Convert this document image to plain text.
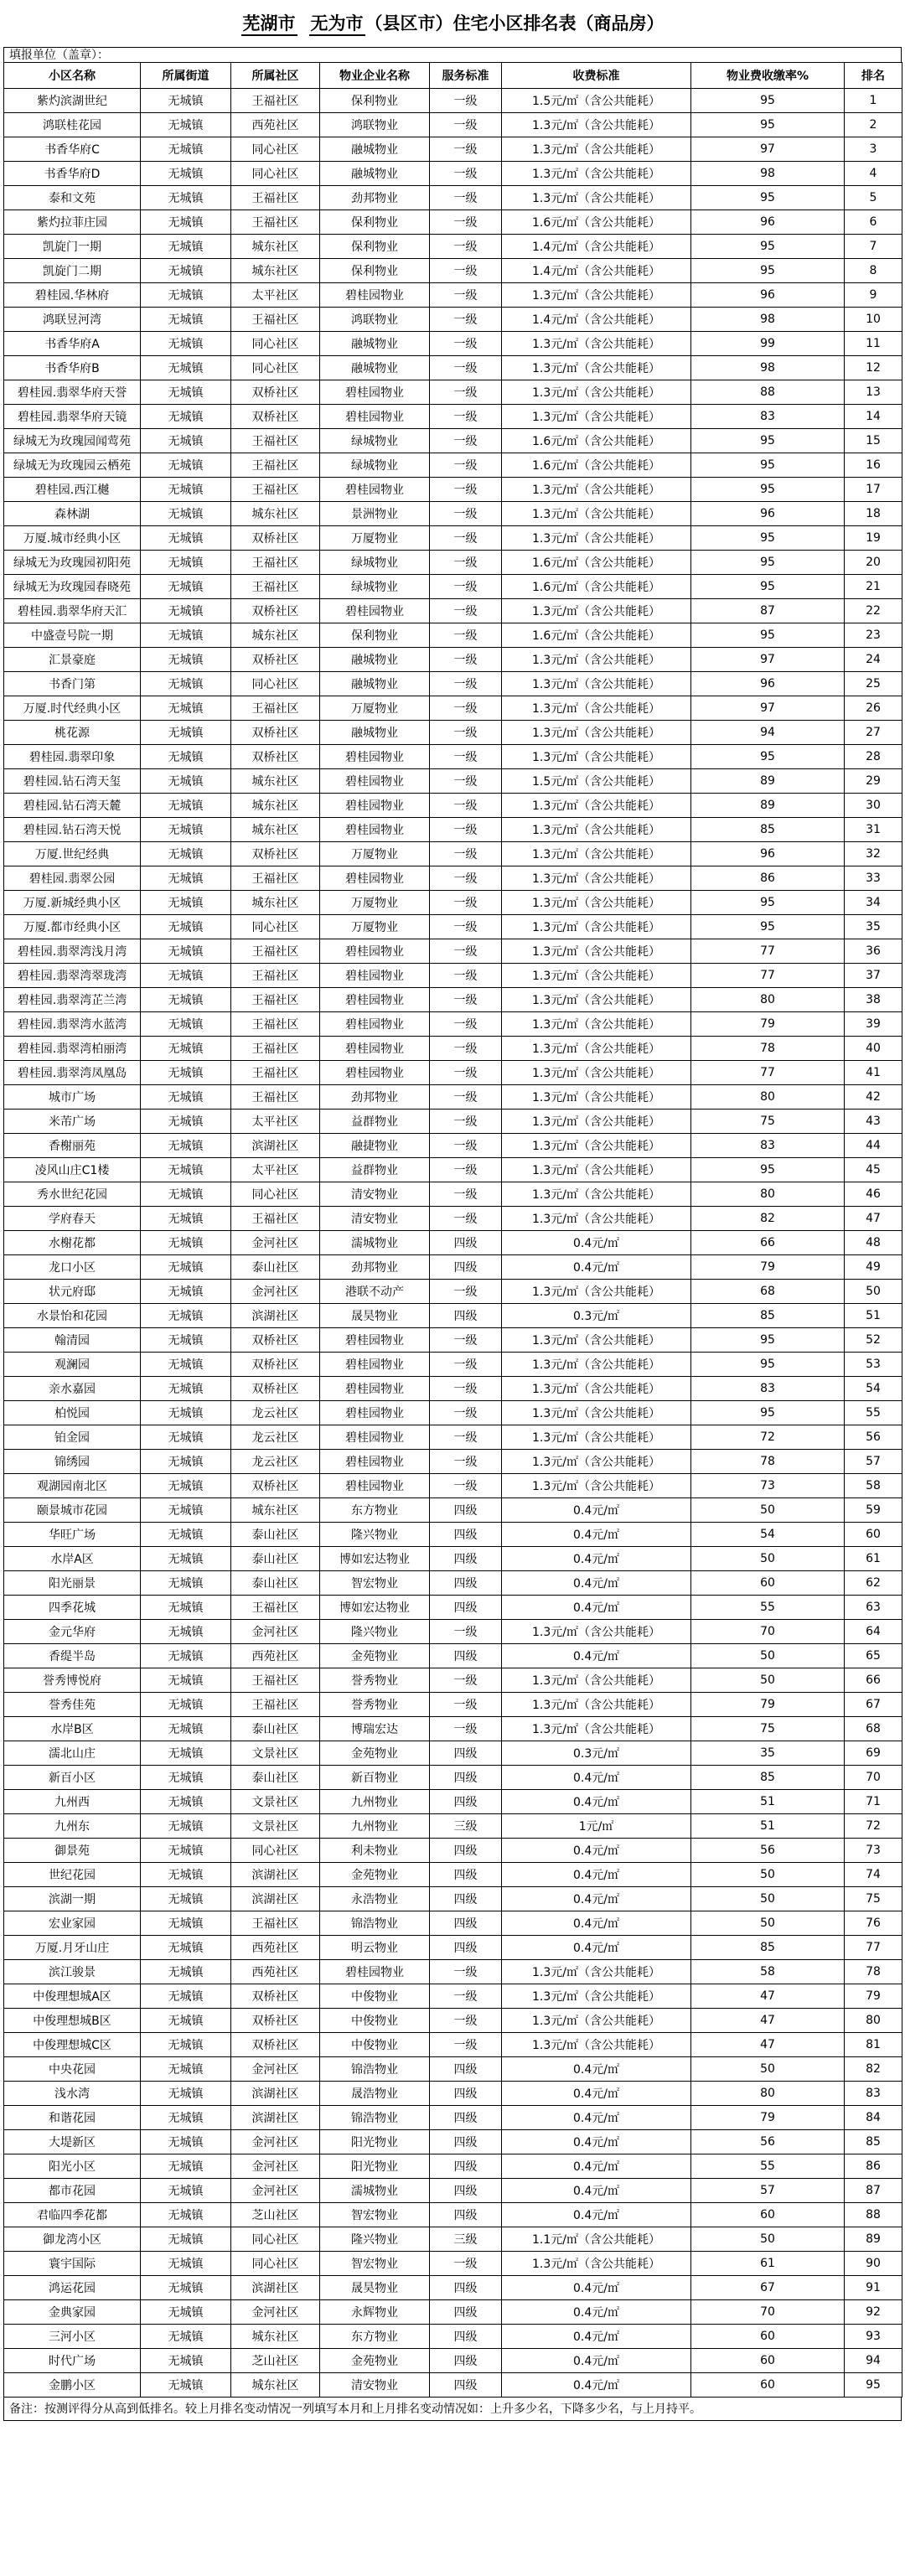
芜湖市 无为市（县区市）住宅小区排名表（商品房）
填报单位（盖章）：
小区名称	所属街道	所属社区	物业企业名称	服务标准	收费标准	物业费收缴率%	排名
紫灼滨湖世纪	无城镇	王福社区	保利物业	一级	1.5元/㎡（含公共能耗）	95	1
鸿联桂花园	无城镇	西苑社区	鸿联物业	一级	1.3元/㎡（含公共能耗）	95	2
书香华府C	无城镇	同心社区	融城物业	一级	1.3元/㎡（含公共能耗）	97	3
书香华府D	无城镇	同心社区	融城物业	一级	1.3元/㎡（含公共能耗）	98	4
泰和文苑	无城镇	王福社区	劲邦物业	一级	1.3元/㎡（含公共能耗）	95	5
紫灼拉菲庄园	无城镇	王福社区	保利物业	一级	1.6元/㎡（含公共能耗）	96	6
凯旋门一期	无城镇	城东社区	保利物业	一级	1.4元/㎡（含公共能耗）	95	7
凯旋门二期	无城镇	城东社区	保利物业	一级	1.4元/㎡（含公共能耗）	95	8
碧桂园.华林府	无城镇	太平社区	碧桂园物业	一级	1.3元/㎡（含公共能耗）	96	9
鸿联昱河湾	无城镇	王福社区	鸿联物业	一级	1.4元/㎡（含公共能耗）	98	10
书香华府A	无城镇	同心社区	融城物业	一级	1.3元/㎡（含公共能耗）	99	11
书香华府B	无城镇	同心社区	融城物业	一级	1.3元/㎡（含公共能耗）	98	12
碧桂园.翡翠华府天誉	无城镇	双桥社区	碧桂园物业	一级	1.3元/㎡（含公共能耗）	88	13
碧桂园.翡翠华府天镜	无城镇	双桥社区	碧桂园物业	一级	1.3元/㎡（含公共能耗）	83	14
绿城无为玫瑰园闻莺苑	无城镇	王福社区	绿城物业	一级	1.6元/㎡（含公共能耗）	95	15
绿城无为玫瑰园云栖苑	无城镇	王福社区	绿城物业	一级	1.6元/㎡（含公共能耗）	95	16
碧桂园.西江樾	无城镇	王福社区	碧桂园物业	一级	1.3元/㎡（含公共能耗）	95	17
森林湖	无城镇	城东社区	景洲物业	一级	1.3元/㎡（含公共能耗）	96	18
万厦.城市经典小区	无城镇	双桥社区	万厦物业	一级	1.3元/㎡（含公共能耗）	95	19
绿城无为玫瑰园初阳苑	无城镇	王福社区	绿城物业	一级	1.6元/㎡（含公共能耗）	95	20
绿城无为玫瑰园春晓苑	无城镇	王福社区	绿城物业	一级	1.6元/㎡（含公共能耗）	95	21
碧桂园.翡翠华府天汇	无城镇	双桥社区	碧桂园物业	一级	1.3元/㎡（含公共能耗）	87	22
中盛壹号院一期	无城镇	城东社区	保利物业	一级	1.6元/㎡（含公共能耗）	95	23
汇景豪庭	无城镇	双桥社区	融城物业	一级	1.3元/㎡（含公共能耗）	97	24
书香门第	无城镇	同心社区	融城物业	一级	1.3元/㎡（含公共能耗）	96	25
万厦.时代经典小区	无城镇	王福社区	万厦物业	一级	1.3元/㎡（含公共能耗）	97	26
桃花源	无城镇	双桥社区	融城物业	一级	1.3元/㎡（含公共能耗）	94	27
碧桂园.翡翠印象	无城镇	双桥社区	碧桂园物业	一级	1.3元/㎡（含公共能耗）	95	28
碧桂园.钻石湾天玺	无城镇	城东社区	碧桂园物业	一级	1.5元/㎡（含公共能耗）	89	29
碧桂园.钻石湾天麓	无城镇	城东社区	碧桂园物业	一级	1.3元/㎡（含公共能耗）	89	30
碧桂园.钻石湾天悦	无城镇	城东社区	碧桂园物业	一级	1.3元/㎡（含公共能耗）	85	31
万厦.世纪经典	无城镇	双桥社区	万厦物业	一级	1.3元/㎡（含公共能耗）	96	32
碧桂园.翡翠公园	无城镇	王福社区	碧桂园物业	一级	1.3元/㎡（含公共能耗）	86	33
万厦.新城经典小区	无城镇	城东社区	万厦物业	一级	1.3元/㎡（含公共能耗）	95	34
万厦.都市经典小区	无城镇	同心社区	万厦物业	一级	1.3元/㎡（含公共能耗）	95	35
碧桂园.翡翠湾浅月湾	无城镇	王福社区	碧桂园物业	一级	1.3元/㎡（含公共能耗）	77	36
碧桂园.翡翠湾翠珑湾	无城镇	王福社区	碧桂园物业	一级	1.3元/㎡（含公共能耗）	77	37
碧桂园.翡翠湾芷兰湾	无城镇	王福社区	碧桂园物业	一级	1.3元/㎡（含公共能耗）	80	38
碧桂园.翡翠湾水蓝湾	无城镇	王福社区	碧桂园物业	一级	1.3元/㎡（含公共能耗）	79	39
碧桂园.翡翠湾柏丽湾	无城镇	王福社区	碧桂园物业	一级	1.3元/㎡（含公共能耗）	78	40
碧桂园.翡翠湾凤凰岛	无城镇	王福社区	碧桂园物业	一级	1.3元/㎡（含公共能耗）	77	41
城市广场	无城镇	王福社区	劲邦物业	一级	1.3元/㎡（含公共能耗）	80	42
米芾广场	无城镇	太平社区	益群物业	一级	1.3元/㎡（含公共能耗）	75	43
香榭丽苑	无城镇	滨湖社区	融捷物业	一级	1.3元/㎡（含公共能耗）	83	44
凌风山庄C1楼	无城镇	太平社区	益群物业	一级	1.3元/㎡（含公共能耗）	95	45
秀水世纪花园	无城镇	同心社区	清安物业	一级	1.3元/㎡（含公共能耗）	80	46
学府春天	无城镇	王福社区	清安物业	一级	1.3元/㎡（含公共能耗）	82	47
水榭花都	无城镇	金河社区	濡城物业	四级	0.4元/㎡	66	48
龙口小区	无城镇	泰山社区	劲邦物业	四级	0.4元/㎡	79	49
状元府邸	无城镇	金河社区	港联不动产	一级	1.3元/㎡（含公共能耗）	68	50
水景怡和花园	无城镇	滨湖社区	晟昊物业	四级	0.3元/㎡	85	51
翰清园	无城镇	双桥社区	碧桂园物业	一级	1.3元/㎡（含公共能耗）	95	52
观澜园	无城镇	双桥社区	碧桂园物业	一级	1.3元/㎡（含公共能耗）	95	53
亲水嘉园	无城镇	双桥社区	碧桂园物业	一级	1.3元/㎡（含公共能耗）	83	54
柏悦园	无城镇	龙云社区	碧桂园物业	一级	1.3元/㎡（含公共能耗）	95	55
铂金园	无城镇	龙云社区	碧桂园物业	一级	1.3元/㎡（含公共能耗）	72	56
锦绣园	无城镇	龙云社区	碧桂园物业	一级	1.3元/㎡（含公共能耗）	78	57
观湖园南北区	无城镇	双桥社区	碧桂园物业	一级	1.3元/㎡（含公共能耗）	73	58
颐景城市花园	无城镇	城东社区	东方物业	四级	0.4元/㎡	50	59
华旺广场	无城镇	泰山社区	隆兴物业	四级	0.4元/㎡	54	60
水岸A区	无城镇	泰山社区	博如宏达物业	四级	0.4元/㎡	50	61
阳光丽景	无城镇	泰山社区	智宏物业	四级	0.4元/㎡	60	62
四季花城	无城镇	王福社区	博如宏达物业	四级	0.4元/㎡	55	63
金元华府	无城镇	金河社区	隆兴物业	一级	1.3元/㎡（含公共能耗）	70	64
香缇半岛	无城镇	西苑社区	金苑物业	四级	0.4元/㎡	50	65
誉秀博悦府	无城镇	王福社区	誉秀物业	一级	1.3元/㎡（含公共能耗）	50	66
誉秀佳苑	无城镇	王福社区	誉秀物业	一级	1.3元/㎡（含公共能耗）	79	67
水岸B区	无城镇	泰山社区	博瑞宏达	一级	1.3元/㎡（含公共能耗）	75	68
濡北山庄	无城镇	文景社区	金苑物业	四级	0.3元/㎡	35	69
新百小区	无城镇	泰山社区	新百物业	四级	0.4元/㎡	85	70
九州西	无城镇	文景社区	九州物业	四级	0.4元/㎡	51	71
九州东	无城镇	文景社区	九州物业	三级	1元/㎡	51	72
御景苑	无城镇	同心社区	利未物业	四级	0.4元/㎡	56	73
世纪花园	无城镇	滨湖社区	金苑物业	四级	0.4元/㎡	50	74
滨湖一期	无城镇	滨湖社区	永浩物业	四级	0.4元/㎡	50	75
宏业家园	无城镇	王福社区	锦浩物业	四级	0.4元/㎡	50	76
万厦.月牙山庄	无城镇	西苑社区	明云物业	四级	0.4元/㎡	85	77
滨江骏景	无城镇	西苑社区	碧桂园物业	一级	1.3元/㎡（含公共能耗）	58	78
中俊理想城A区	无城镇	双桥社区	中俊物业	一级	1.3元/㎡（含公共能耗）	47	79
中俊理想城B区	无城镇	双桥社区	中俊物业	一级	1.3元/㎡（含公共能耗）	47	80
中俊理想城C区	无城镇	双桥社区	中俊物业	一级	1.3元/㎡（含公共能耗）	47	81
中央花园	无城镇	金河社区	锦浩物业	四级	0.4元/㎡	50	82
浅水湾	无城镇	滨湖社区	晟浩物业	四级	0.4元/㎡	80	83
和谐花园	无城镇	滨湖社区	锦浩物业	四级	0.4元/㎡	79	84
大堤新区	无城镇	金河社区	阳光物业	四级	0.4元/㎡	56	85
阳光小区	无城镇	金河社区	阳光物业	四级	0.4元/㎡	55	86
都市花园	无城镇	金河社区	濡城物业	四级	0.4元/㎡	57	87
君临四季花都	无城镇	芝山社区	智宏物业	四级	0.4元/㎡	60	88
御龙湾小区	无城镇	同心社区	隆兴物业	三级	1.1元/㎡（含公共能耗）	50	89
寰宇国际	无城镇	同心社区	智宏物业	一级	1.3元/㎡（含公共能耗）	61	90
鸿运花园	无城镇	滨湖社区	晟昊物业	四级	0.4元/㎡	67	91
金典家园	无城镇	金河社区	永辉物业	四级	0.4元/㎡	70	92
三河小区	无城镇	城东社区	东方物业	四级	0.4元/㎡	60	93
时代广场	无城镇	芝山社区	金苑物业	四级	0.4元/㎡	60	94
金鹏小区	无城镇	城东社区	清安物业	四级	0.4元/㎡	60	95
备注：按测评得分从高到低排名。较上月排名变动情况一列填写本月和上月排名变动情况如：上升多少名，下降多少名，与上月持平。
